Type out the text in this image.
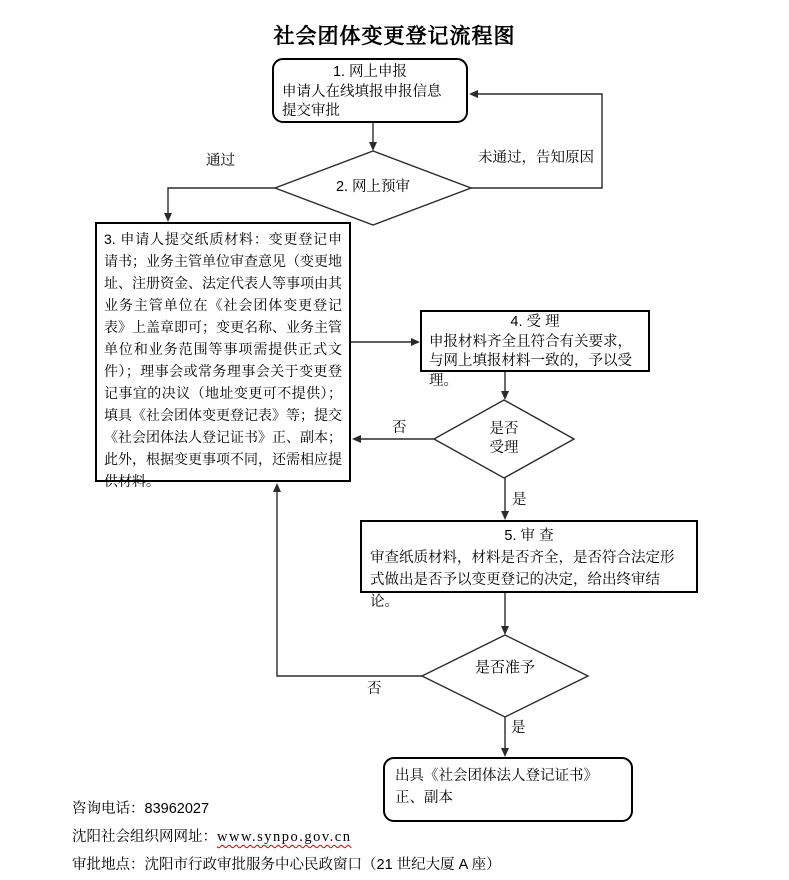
社会团体变更登记流程图
1. 网上申报
申请人在线填报申报信息
提交审批
2. 网上预审
通过	未通过，告知原因
3. 申请人提交纸质材料：变更登记申请书；业务主管单位审查意见（变更地址、注册资金、法定代表人等事项由其业务主管单位在《社会团体变更登记表》上盖章即可；变更名称、业务主管单位和业务范围等事项需提供正式文件）；理事会或常务理事会关于变更登记事宜的决议（地址变更可不提供）；填具《社会团体变更登记表》等；提交《社会团体法人登记证书》正、副本；此外，根据变更事项不同，还需相应提供材料。
4. 受 理
申报材料齐全且符合有关要求，与网上填报材料一致的，予以受理。
是否
受理
否
是
5. 审 查
审查纸质材料，材料是否齐全，是否符合法定形式做出是否予以变更登记的决定，给出终审结论。
是否准予
否
是
出具《社会团体法人登记证书》正、副本
咨询电话：83962027
沈阳社会组织网网址：www.synpo.gov.cn
审批地点：沈阳市行政审批服务中心民政窗口（21 世纪大厦 A 座）
